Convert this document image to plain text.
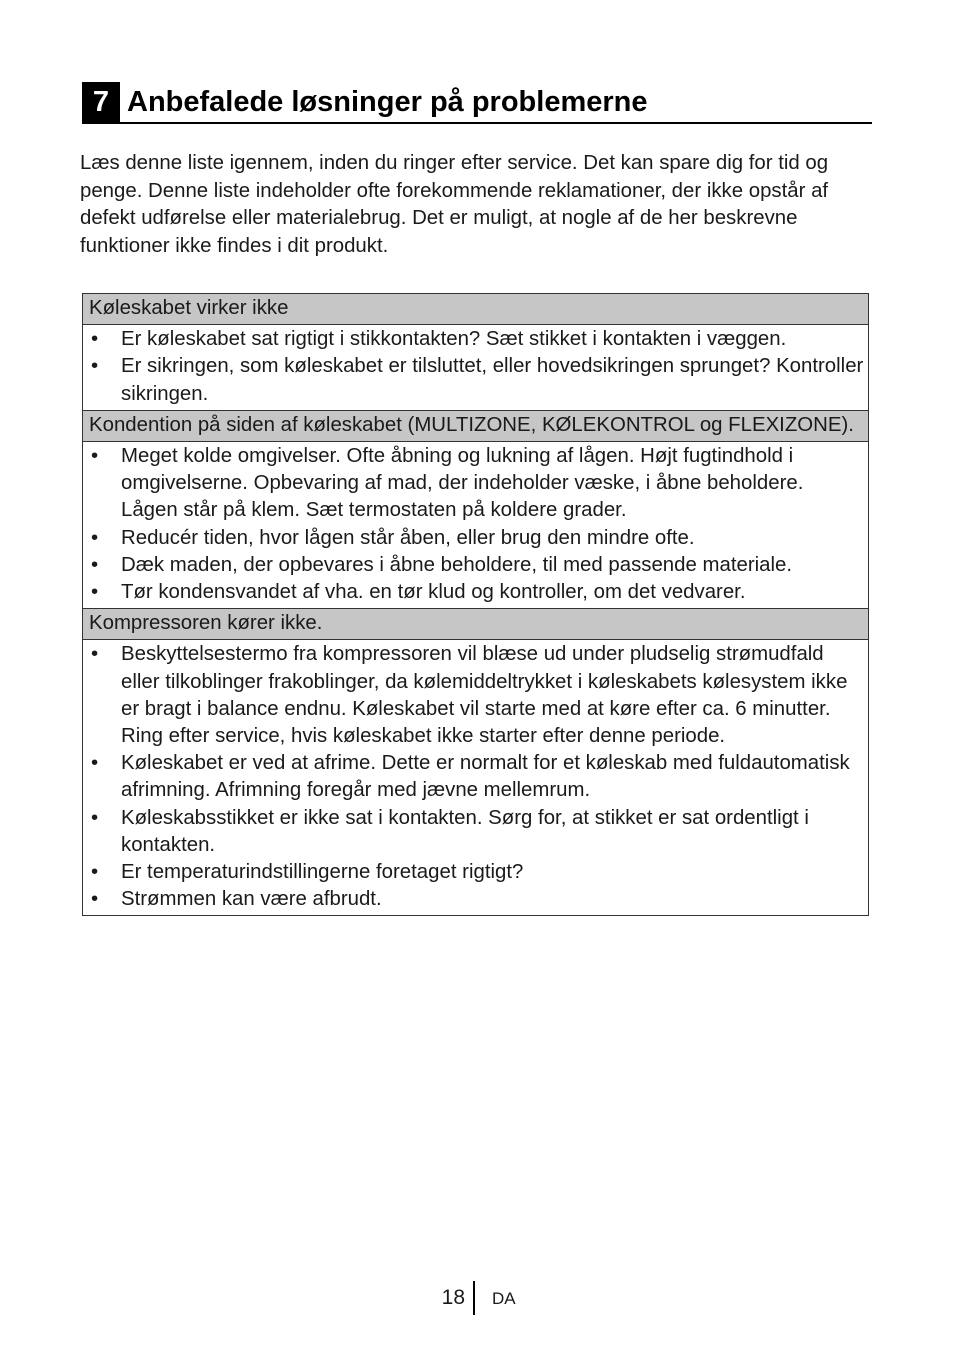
7 Anbefalede løsninger på problemerne

Læs denne liste igennem, inden du ringer efter service. Det kan spare dig for tid og penge. Denne liste indeholder ofte forekommende reklamationer, der ikke opstår af defekt udførelse eller materialebrug. Det er muligt, at nogle af de her beskrevne funktioner ikke findes i dit produkt.

Køleskabet virker ikke

•	Er køleskabet sat rigtigt i stikkontakten? Sæt stikket i kontakten i væggen.
•	Er sikringen, som køleskabet er tilsluttet, eller hovedsikringen sprunget? Kontroller sikringen.

Kondention på siden af køleskabet (MULTIZONE, KØLEKONTROL og FLEXIZONE).

•	Meget kolde omgivelser. Ofte åbning og lukning af lågen. Højt fugtindhold i omgivelserne. Opbevaring af mad, der indeholder væske, i åbne beholdere. Lågen står på klem. Sæt termostaten på koldere grader.
•	Reducér tiden, hvor lågen står åben, eller brug den mindre ofte.
•	Dæk maden, der opbevares i åbne beholdere, til med passende materiale.
•	Tør kondensvandet af vha. en tør klud og kontroller, om det vedvarer.

Kompressoren kører ikke.

•	Beskyttelsestermo fra kompressoren vil blæse ud under pludselig strømudfald eller tilkoblinger frakoblinger, da kølemiddeltrykket i køleskabets kølesystem ikke er bragt i balance endnu. Køleskabet vil starte med at køre efter ca. 6 minutter. Ring efter service, hvis køleskabet ikke starter efter denne periode.
•	Køleskabet er ved at afrime. Dette er normalt for et køleskab med fuldautomatisk afrimning. Afrimning foregår med jævne mellemrum.
•	Køleskabsstikket er ikke sat i kontakten. Sørg for, at stikket er sat ordentligt i kontakten.
•	Er temperaturindstillingerne foretaget rigtigt?
•	Strømmen kan være afbrudt.
18 DA
